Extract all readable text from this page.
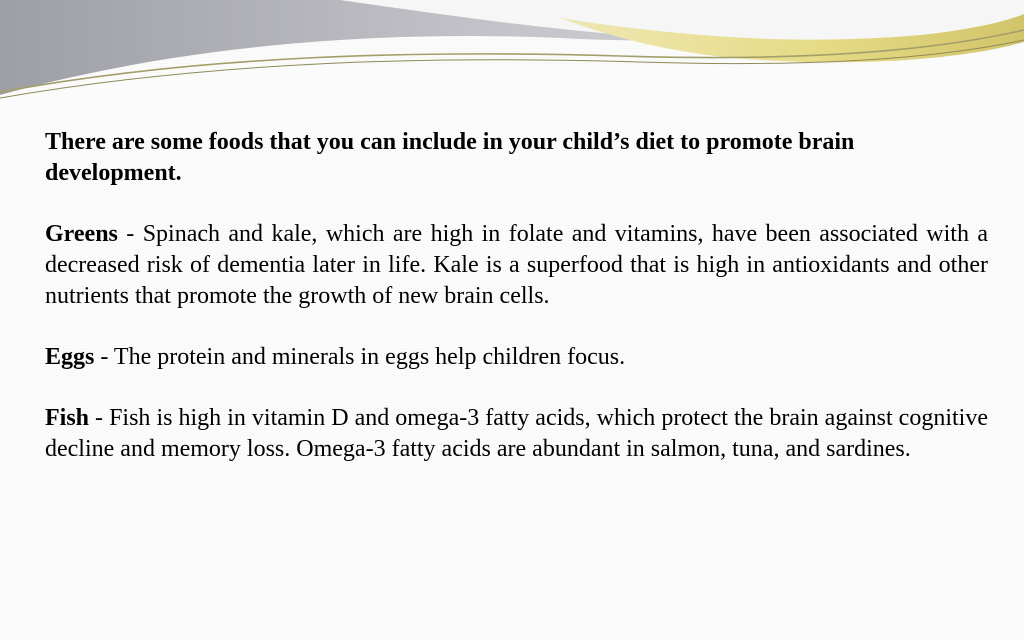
There are some foods that you can include in your child’s diet to promote brain development.

Greens - Spinach and kale, which are high in folate and vitamins, have been associated with a decreased risk of dementia later in life. Kale is a superfood that is high in antioxidants and other nutrients that promote the growth of new brain cells.

Eggs - The protein and minerals in eggs help children focus.

Fish - Fish is high in vitamin D and omega-3 fatty acids, which protect the brain against cognitive decline and memory loss. Omega-3 fatty acids are abundant in salmon, tuna, and sardines.
